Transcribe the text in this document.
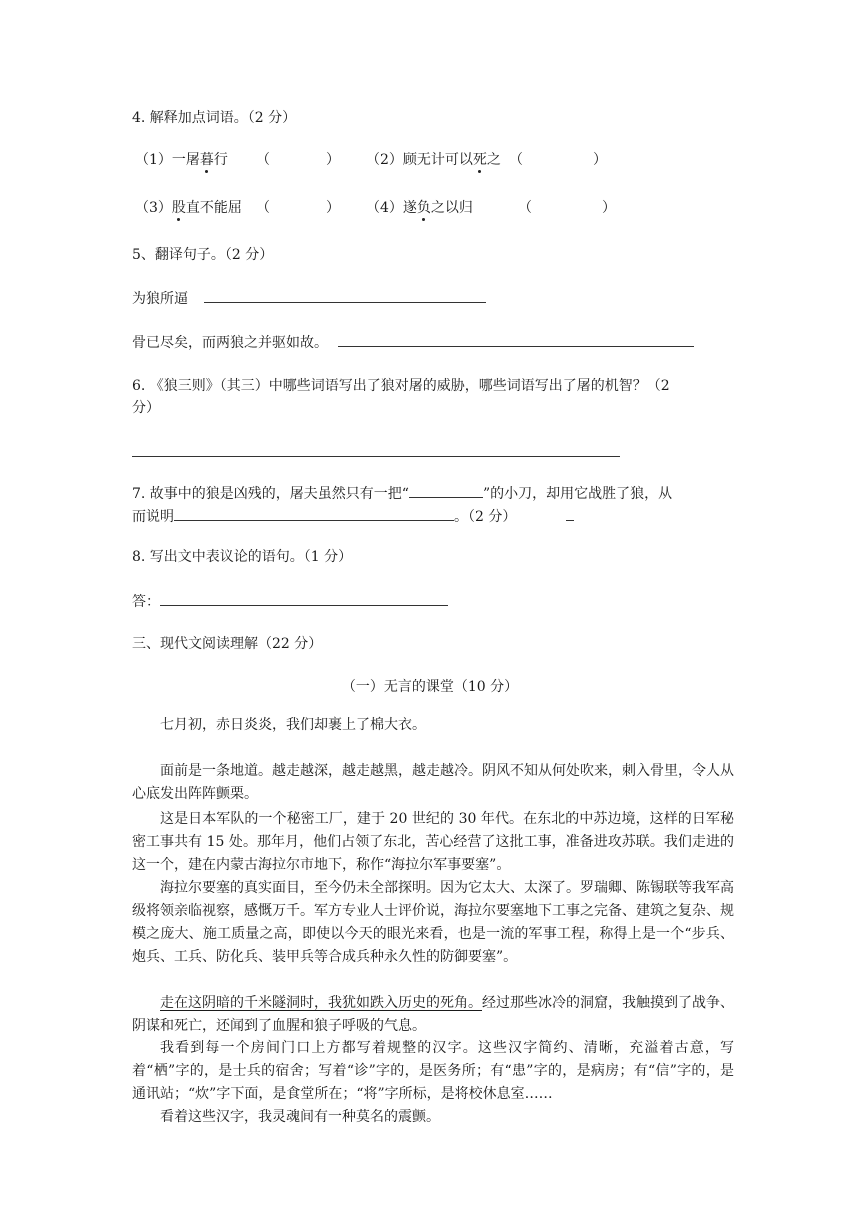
4. 解释加点词语。（2 分）
（1）一屠暮行 （　　　　） （2）顾无计可以死之 （　　　　　）
（3）股直不能屈 （　　　　） （4）遂负之以归	（　　　　　）
5、翻译句子。（2 分）
为狼所逼
骨已尽矣，而两狼之并驱如故。
6. 《狼三则》（其三）中哪些词语写出了狼对屠的威胁，哪些词语写出了屠的机智？（2
分）
7. 故事中的狼是凶残的，屠夫虽然只有一把“	”的小刀，却用它战胜了狼，从
而说明	。（2 分）
8. 写出文中表议论的语句。（1 分）
答：
三、现代文阅读理解（22 分）
（一）无言的课堂（10 分）
七月初，赤日炎炎，我们却裹上了棉大衣。
面前是一条地道。越走越深，越走越黑，越走越冷。阴风不知从何处吹来，刺入骨里，令人从心底发出阵阵颤栗。
这是日本军队的一个秘密工厂，建于 20 世纪的 30 年代。在东北的中苏边境，这样的日军秘密工事共有 15 处。那年月，他们占领了东北，苦心经营了这批工事，准备进攻苏联。我们走进的这一个，建在内蒙古海拉尔市地下，称作“海拉尔军事要塞”。
海拉尔要塞的真实面目，至今仍未全部探明。因为它太大、太深了。罗瑞卿、陈锡联等我军高级将领亲临视察，感慨万千。军方专业人士评价说，海拉尔要塞地下工事之完备、建筑之复杂、规模之庞大、施工质量之高，即使以今天的眼光来看，也是一流的军事工程，称得上是一个“步兵、炮兵、工兵、防化兵、装甲兵等合成兵种永久性的防御要塞”。
走在这阴暗的千米隧洞时，我犹如跌入历史的死角。经过那些冰冷的洞窟，我触摸到了战争、阴谋和死亡，还闻到了血腥和狼子呼吸的气息。
我看到每一个房间门口上方都写着规整的汉字。这些汉字简约、清晰，充溢着古意，写着“栖”字的，是士兵的宿舍；写着“诊”字的，是医务所；有“患”字的，是病房；有“信”字的，是通讯站；“炊”字下面，是食堂所在；“将”字所标，是将校休息室……
看着这些汉字，我灵魂间有一种莫名的震颤。
